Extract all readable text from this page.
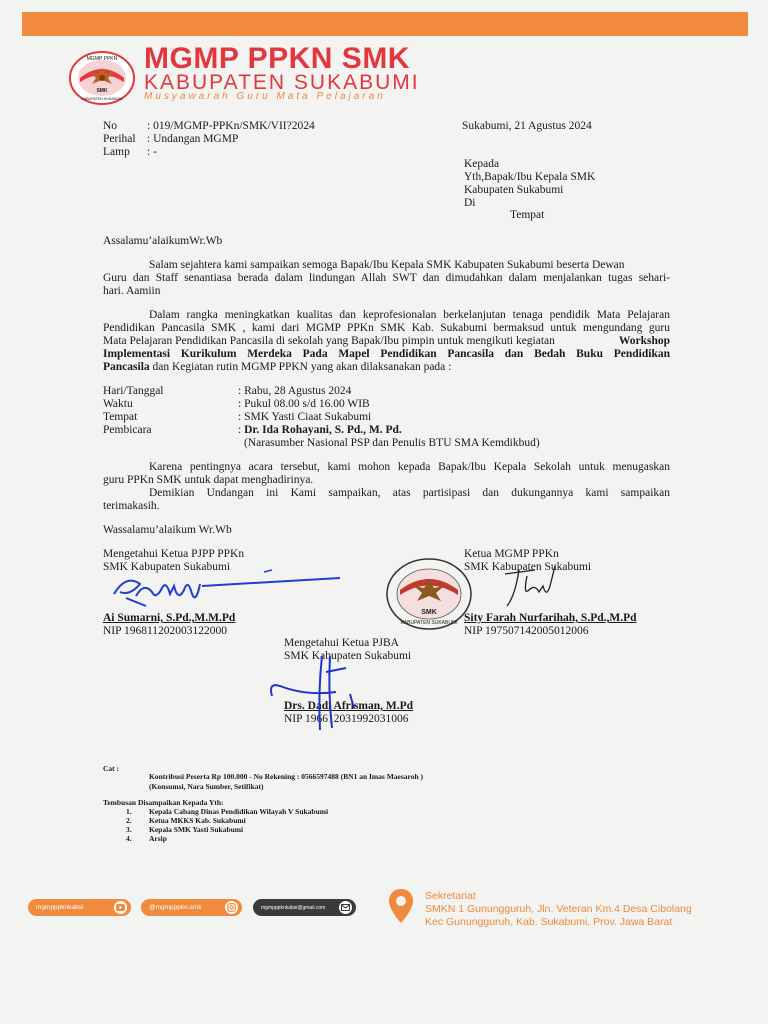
MGMP PPKN
SMK
KABUPATEN SUKABUMI
MGMP PPKN SMK
KABUPATEN SUKABUMI
Musyawarah Guru Mata Pelajaran
No	: 019/MGMP-PPKn/SMK/VII?2024
Perihal : Undangan MGMP
Lamp : -
Sukabumi, 21 Agustus 2024
Kepada
Yth,Bapak/Ibu Kepala SMK
Kabupaten Sukabumi
Di
Tempat
Assalamu’alaikumWr.Wb
Salam sejahtera kami sampaikan semoga Bapak/Ibu Kepala SMK Kabupaten Sukabumi beserta Dewan
Guru dan Staff senantiasa berada dalam lindungan Allah SWT dan dimudahkan dalam menjalankan tugas sehari-
hari. Aamiin
Dalam rangka meningkatkan kualitas dan keprofesionalan berkelanjutan tenaga pendidik Mata Pelajaran
Pendidikan Pancasila SMK , kami dari MGMP PPKn SMK Kab. Sukabumi bermaksud untuk mengundang guru
Mata Pelajaran Pendidikan Pancasila di sekolah yang Bapak/Ibu pimpin untuk mengikuti kegiatan	Workshop
Implementasi Kurikulum Merdeka Pada Mapel Pendidikan Pancasila dan Bedah Buku Pendidikan
Pancasila dan Kegiatan rutin MGMP PPKN yang akan dilaksanakan pada :
Hari/Tanggal	: Rabu, 28 Agustus 2024
Waktu	: Pukul 08.00 s/d 16.00 WIB
Tempat	: SMK Yasti Ciaat Sukabumi
Pembicara	: Dr. Ida Rohayani, S. Pd., M. Pd.
(Narasumber Nasional PSP dan Penulis BTU SMA Kemdikbud)
Karena pentingnya acara tersebut, kami mohon kepada Bapak/Ibu Kepala Sekolah untuk menugaskan
guru PPKn SMK untuk dapat menghadirinya.
Demikian Undangan ini Kami sampaikan, atas partisipasi dan dukungannya kami sampaikan
terimakasih.
Wassalamu’alaikum Wr.Wb
Mengetahui Ketua PJPP PPKn
SMK Kabupaten Sukabumi
Ai Sumarni, S.Pd.,M.M.Pd
NIP 196811202003122000
SMK
KABUPATEN SUKABUMI
Ketua MGMP PPKn
SMK Kabupaten Sukabumi
Sity Farah Nurfarihah, S.Pd.,M.Pd
NIP 197507142005012006
Mengetahui Ketua PJBA
SMK Kabupaten Sukabumi
Drs. Dadi Afrisman, M.Pd
NIP 196612031992031006
Cat :
Kontribusi Peserta Rp 100.000 - No Rekening : 0566597488 (BN1 an Imas Maesaroh )
(Konsumsi, Nara Sumber, Setifikat)
Tembusan Disampaikan Kepada Yth:
1. Kepala Cabang Dinas Pendidikan Wilayah V Sukabumi
2. Ketua MKKS Kab. Sukabumi
3. Kepala SMK Yasti Sukabumi
4. Arsip
mgmpppknkabsi	@mgmpppkn.smk	mgmpppknkabsi@gmail.com
Sekretariat
SMKN 1 Gunungguruh, Jln. Veteran Km.4 Desa Cibolang
Kec Gunungguruh, Kab. Sukabumi, Prov. Jawa Barat
